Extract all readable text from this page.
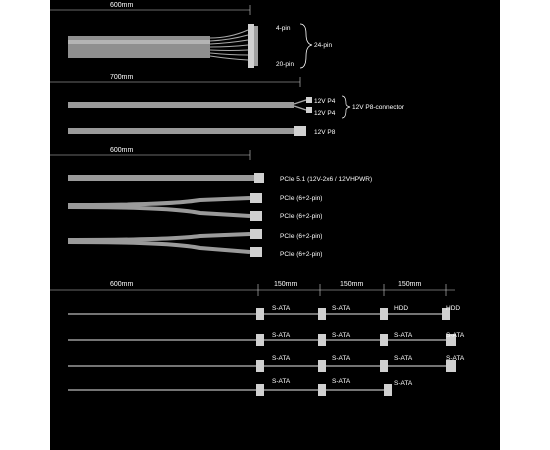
600mm
4-pin
20-pin
24-pin
700mm
12V P4
12V P4
12V P8-connector
12V P8
600mm
PCIe 5.1 (12V-2x6 / 12VHPWR)
PCIe (6+2-pin)
PCIe (6+2-pin)
PCIe (6+2-pin)
PCIe (6+2-pin)
600mm	150mm	150mm	150mm
S-ATA	S-ATA	HDD	HDD
S-ATA	S-ATA	S-ATA	S-ATA
S-ATA	S-ATA	S-ATA	S-ATA
S-ATA	S-ATA	S-ATA
